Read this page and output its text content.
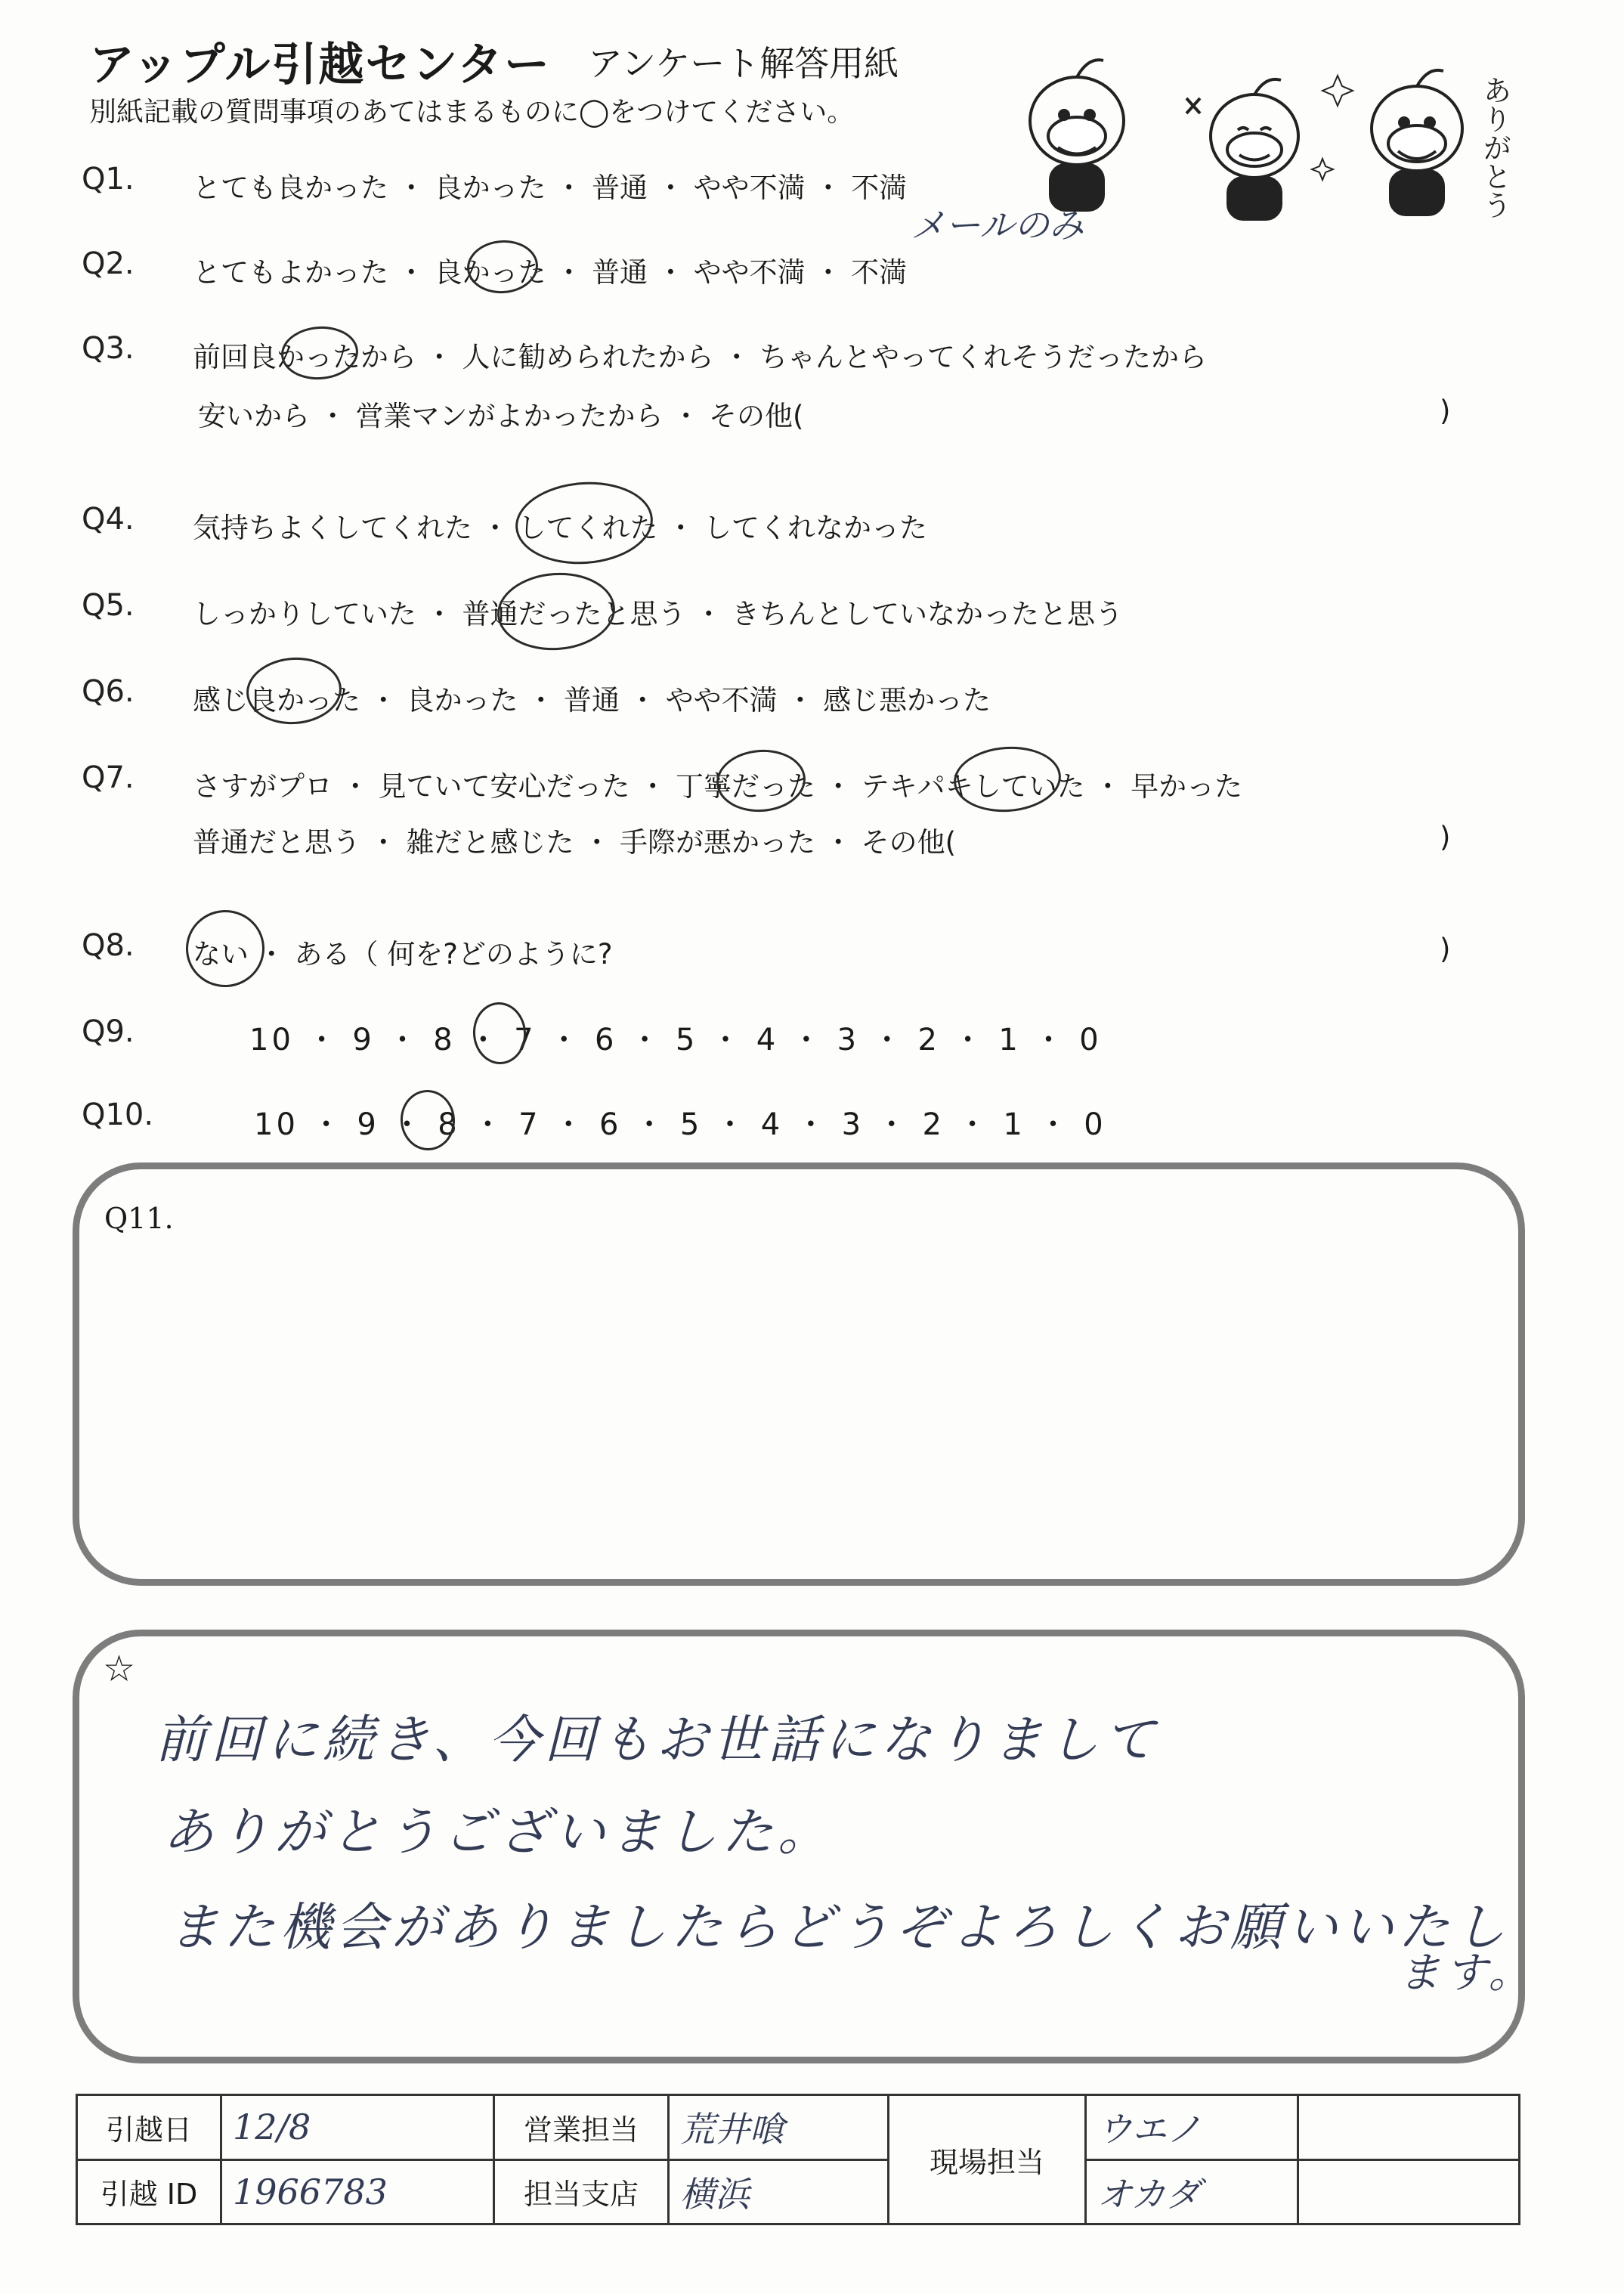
アップル引越センター アンケート解答用紙
別紙記載の質問事項のあてはまるものに◯をつけてください。	ありがとう
Q1. とても良かった ・ 良かった ・ 普通 ・ やや不満 ・ 不満
メールのみ
Q2. とてもよかった ・ 良かった ・ 普通 ・ やや不満 ・ 不満
Q3. 前回良かったから ・ 人に勧められたから ・ ちゃんとやってくれそうだったから
安いから ・ 営業マンがよかったから ・ その他(	)
Q4. 気持ちよくしてくれた ・ してくれた ・ してくれなかった
Q5. しっかりしていた ・ 普通だったと思う ・ きちんとしていなかったと思う
Q6. 感じ良かった ・ 良かった ・ 普通 ・ やや不満 ・ 感じ悪かった
Q7. さすがプロ ・ 見ていて安心だった ・ 丁寧だった ・ テキパキしていた ・ 早かった
普通だと思う ・ 雑だと感じた ・ 手際が悪かった ・ その他(	)
Q8. ない ・ ある（ 何を?どのように?	)
Q9.	10 ・ 9 ・ 8 ・ 7 ・ 6 ・ 5 ・ 4 ・ 3 ・ 2 ・ 1 ・ 0
Q10.	10 ・ 9 ・ 8 ・ 7 ・ 6 ・ 5 ・ 4 ・ 3 ・ 2 ・ 1 ・ 0
Q11.
☆
前回に続き、今回もお世話になりまして
ありがとうございました。
また機会がありましたらどうぞよろしくお願いいたし
ます。
引越日	12/8	営業担当	荒井喰	現場担当	ウエノ	
引越 ID	1966783	担当支店	横浜		オカダ	
